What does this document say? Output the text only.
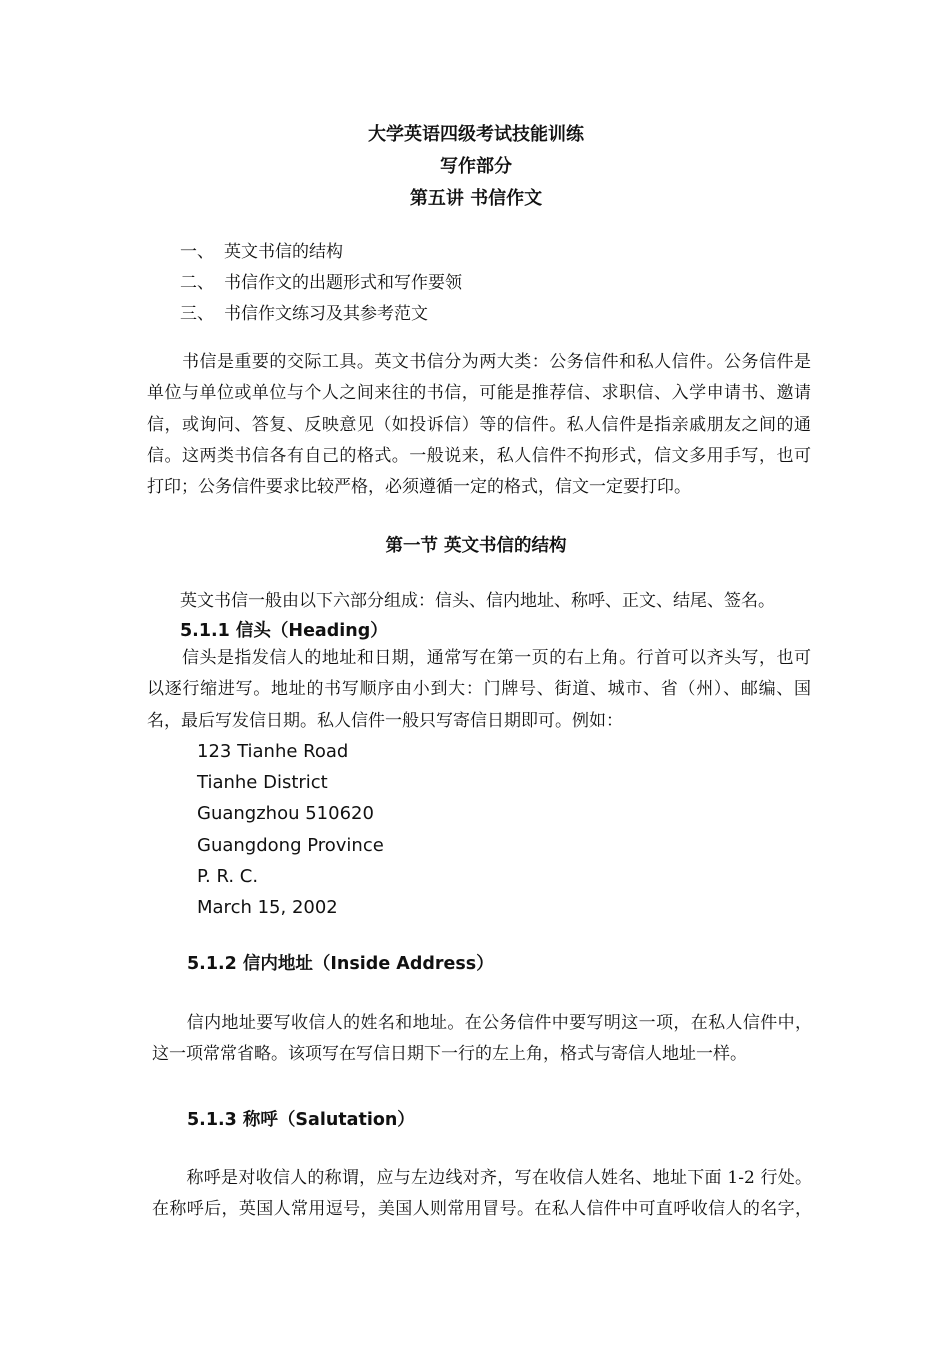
大学英语四级考试技能训练
写作部分
第五讲 书信作文
一、 英文书信的结构
二、 书信作文的出题形式和写作要领
三、 书信作文练习及其参考范文
　　书信是重要的交际工具。英文书信分为两大类：公务信件和私人信件。公务信件是
单位与单位或单位与个人之间来往的书信，可能是推荐信、求职信、入学申请书、邀请
信，或询问、答复、反映意见（如投诉信）等的信件。私人信件是指亲戚朋友之间的通
信。这两类书信各有自己的格式。一般说来，私人信件不拘形式，信文多用手写，也可
打印；公务信件要求比较严格，必须遵循一定的格式，信文一定要打印。
第一节 英文书信的结构
英文书信一般由以下六部分组成：信头、信内地址、称呼、正文、结尾、签名。
5.1.1 信头（Heading）
　　信头是指发信人的地址和日期，通常写在第一页的右上角。行首可以齐头写，也可
以逐行缩进写。地址的书写顺序由小到大：门牌号、街道、城市、省（州）、邮编、国
名，最后写发信日期。私人信件一般只写寄信日期即可。例如：
123 Tianhe Road
Tianhe District
Guangzhou 510620
Guangdong Province
P. R. C.
March 15, 2002
5.1.2 信内地址（Inside Address）
　　信内地址要写收信人的姓名和地址。在公务信件中要写明这一项，在私人信件中，
这一项常常省略。该项写在写信日期下一行的左上角，格式与寄信人地址一样。
5.1.3 称呼（Salutation）
　　称呼是对收信人的称谓，应与左边线对齐，写在收信人姓名、地址下面 1-2 行处。
在称呼后，英国人常用逗号，美国人则常用冒号。在私人信件中可直呼收信人的名字，
